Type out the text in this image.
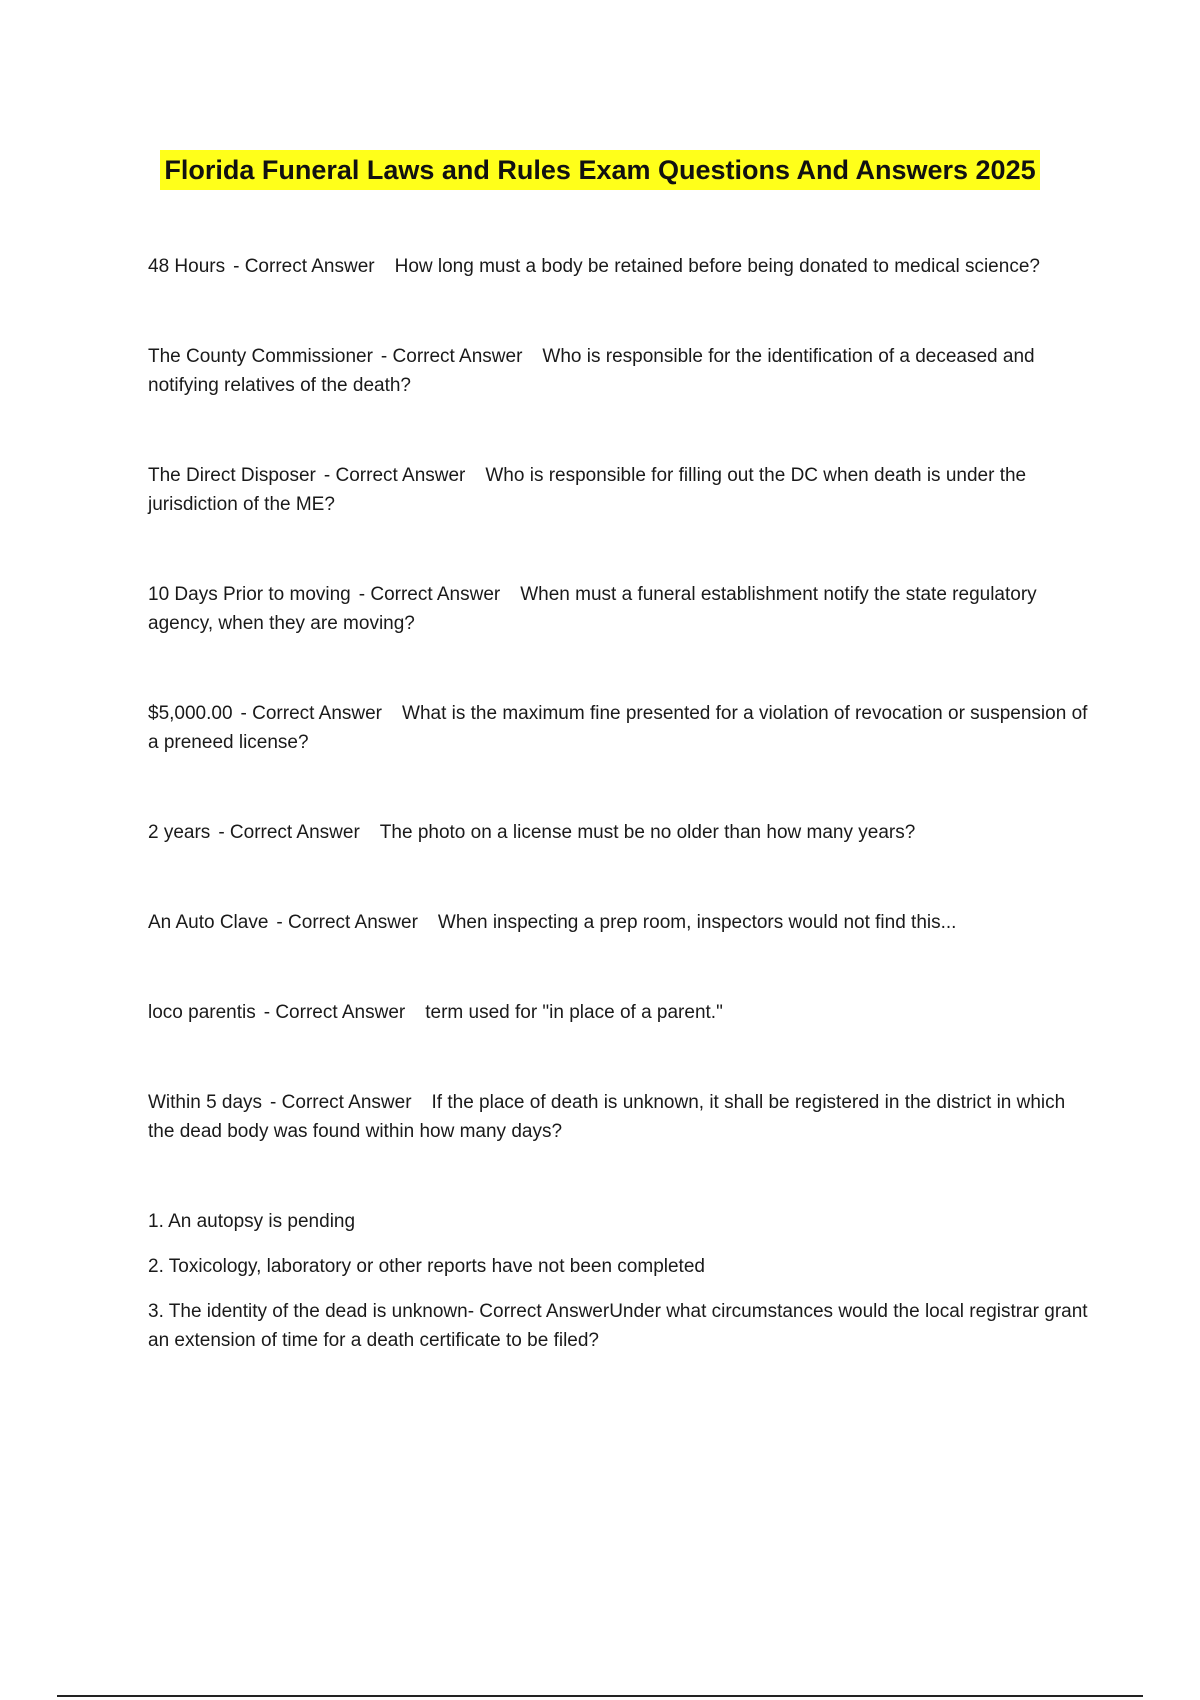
Florida Funeral Laws and Rules Exam Questions And Answers 2025
48 Hours - Correct Answer How long must a body be retained before being donated to medical science?
The County Commissioner - Correct Answer Who is responsible for the identification of a deceased and notifying relatives of the death?
The Direct Disposer - Correct Answer Who is responsible for filling out the DC when death is under the jurisdiction of the ME?
10 Days Prior to moving - Correct Answer When must a funeral establishment notify the state regulatory agency, when they are moving?
$5,000.00 - Correct Answer What is the maximum fine presented for a violation of revocation or suspension of a preneed license?
2 years - Correct Answer The photo on a license must be no older than how many years?
An Auto Clave - Correct Answer When inspecting a prep room, inspectors would not find this...
loco parentis - Correct Answer term used for "in place of a parent."
Within 5 days - Correct Answer If the place of death is unknown, it shall be registered in the district in which the dead body was found within how many days?
1. An autopsy is pending
2. Toxicology, laboratory or other reports have not been completed
3. The identity of the dead is unknown- Correct AnswerUnder what circumstances would the local registrar grant an extension of time for a death certificate to be filed?
